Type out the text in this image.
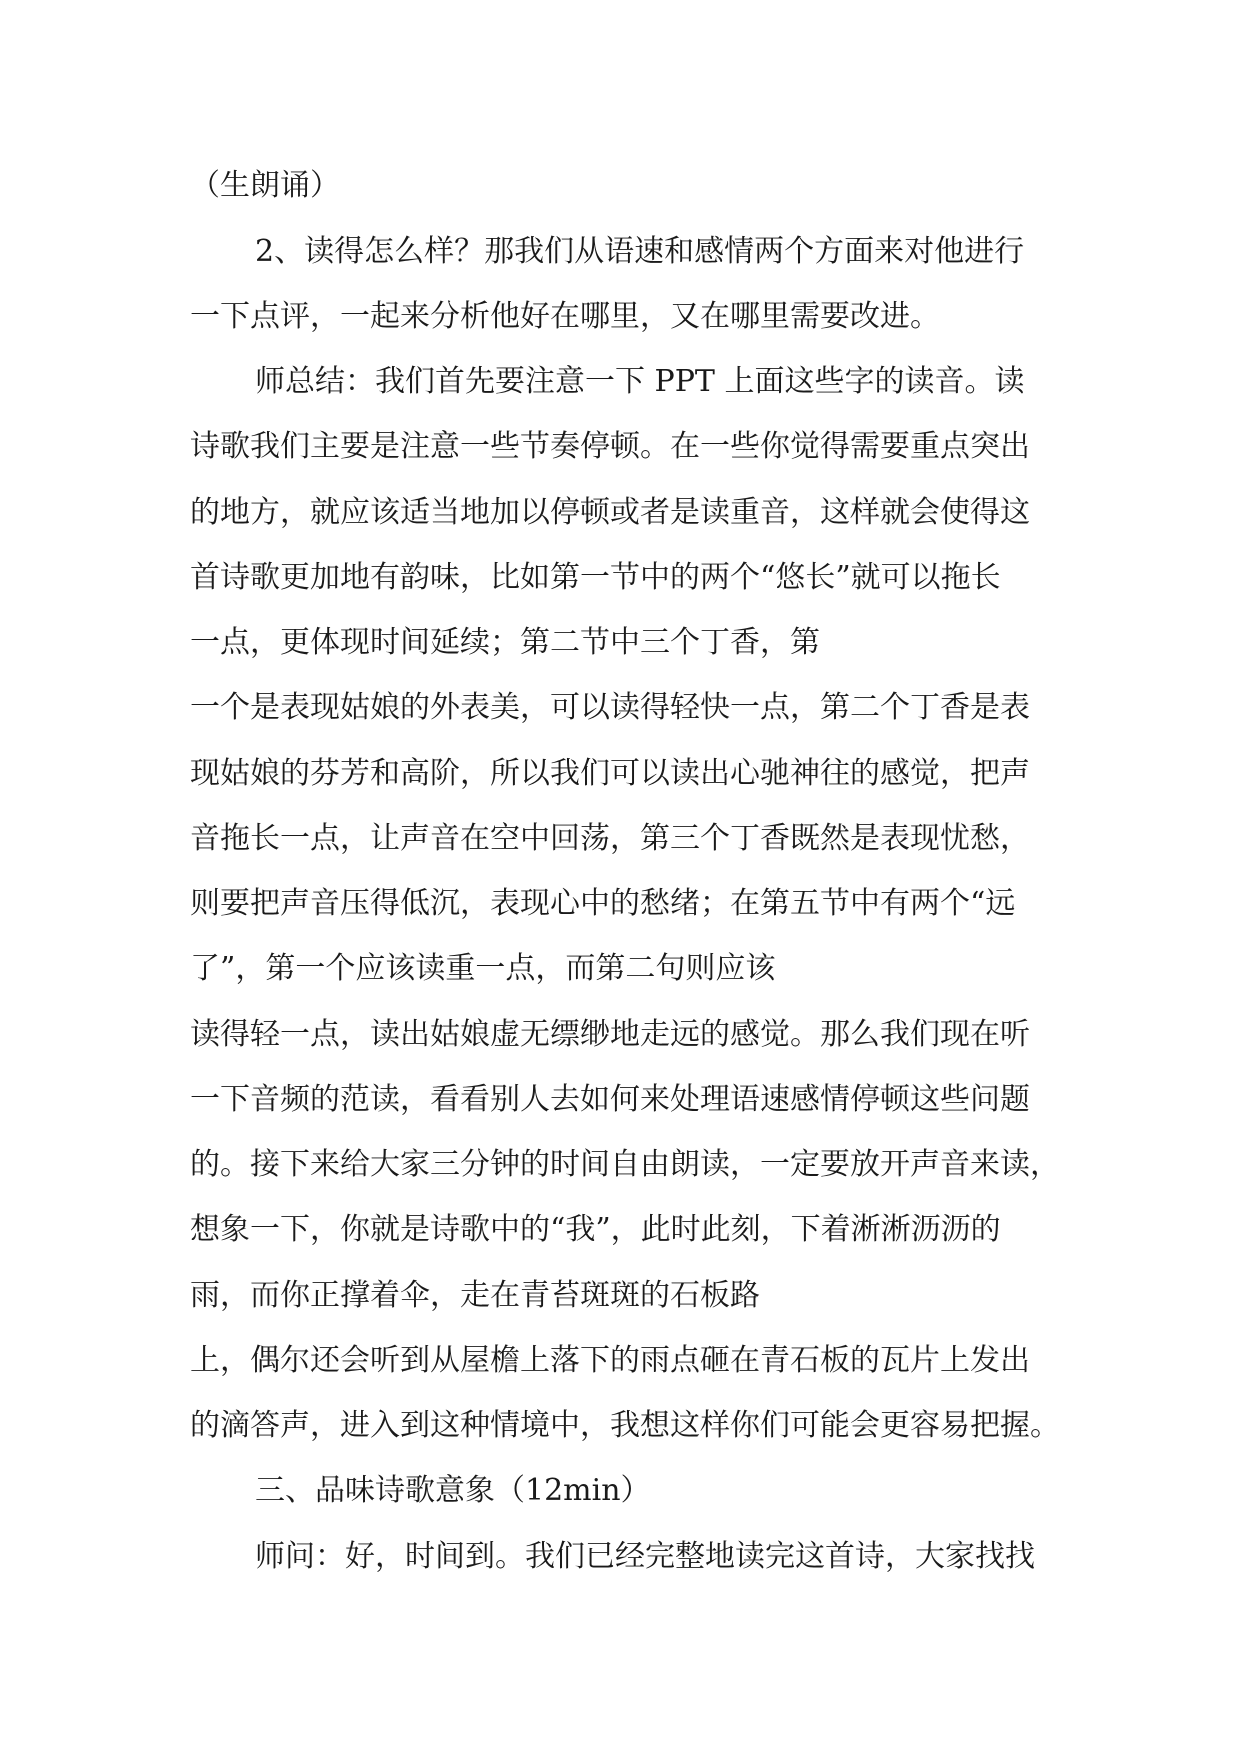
（生朗诵）
2、读得怎么样？那我们从语速和感情两个方面来对他进行
一下点评，一起来分析他好在哪里，又在哪里需要改进。
师总结：我们首先要注意一下 PPT 上面这些字的读音。读
诗歌我们主要是注意一些节奏停顿。在一些你觉得需要重点突出
的地方，就应该适当地加以停顿或者是读重音，这样就会使得这
首诗歌更加地有韵味，比如第一节中的两个“悠长”就可以拖长
一点，更体现时间延续；第二节中三个丁香，第
一个是表现姑娘的外表美，可以读得轻快一点，第二个丁香是表
现姑娘的芬芳和高阶，所以我们可以读出心驰神往的感觉，把声
音拖长一点，让声音在空中回荡，第三个丁香既然是表现忧愁，
则要把声音压得低沉，表现心中的愁绪；在第五节中有两个“远
了”，第一个应该读重一点，而第二句则应该
读得轻一点，读出姑娘虚无缥缈地走远的感觉。那么我们现在听
一下音频的范读，看看别人去如何来处理语速感情停顿这些问题
的。接下来给大家三分钟的时间自由朗读，一定要放开声音来读，
想象一下，你就是诗歌中的“我”，此时此刻，下着淅淅沥沥的
雨，而你正撑着伞，走在青苔斑斑的石板路
上，偶尔还会听到从屋檐上落下的雨点砸在青石板的瓦片上发出
的滴答声，进入到这种情境中，我想这样你们可能会更容易把握。
三、品味诗歌意象（12min）
师问：好，时间到。我们已经完整地读完这首诗，大家找找
